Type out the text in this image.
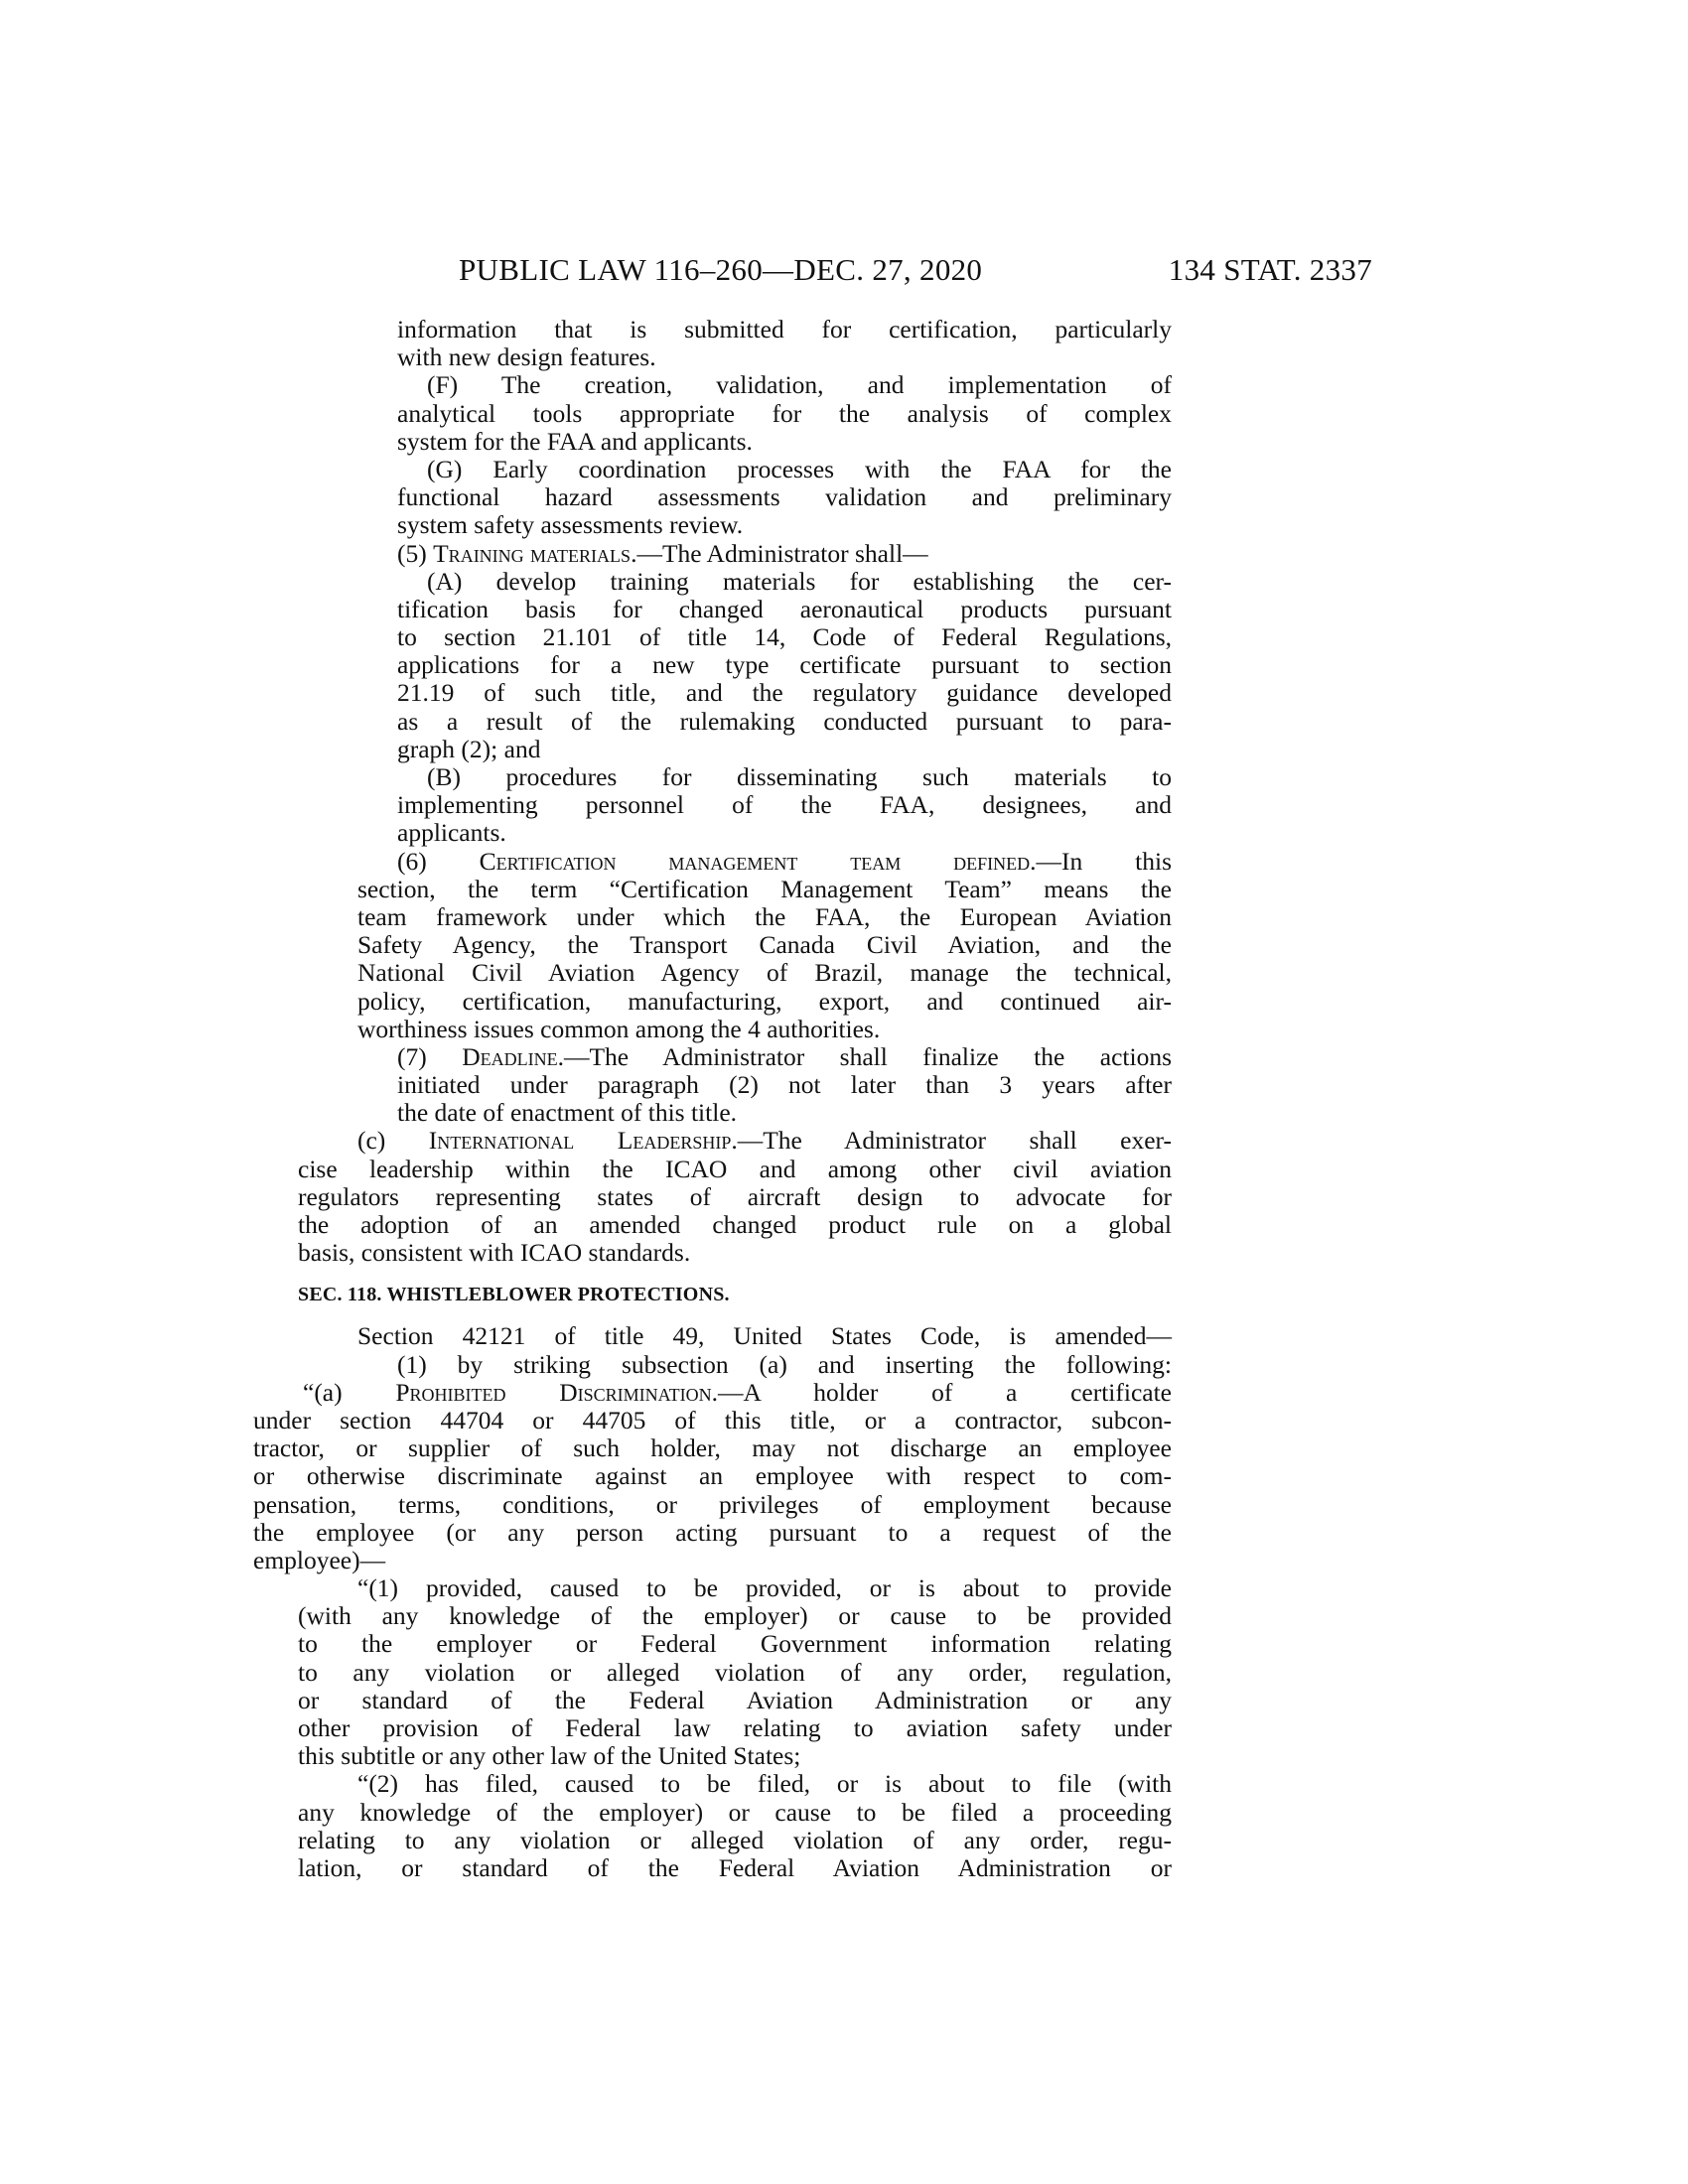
PUBLIC LAW 116–260—DEC. 27, 2020	134 STAT. 2337
information that is submitted for certification, particularly
with new design features.
(F) The creation, validation, and implementation of
analytical tools appropriate for the analysis of complex
system for the FAA and applicants.
(G) Early coordination processes with the FAA for the
functional hazard assessments validation and preliminary
system safety assessments review.
(5) Training materials.—The Administrator shall—
(A) develop training materials for establishing the cer-
tification basis for changed aeronautical products pursuant
to section 21.101 of title 14, Code of Federal Regulations,
applications for a new type certificate pursuant to section
21.19 of such title, and the regulatory guidance developed
as a result of the rulemaking conducted pursuant to para-
graph (2); and
(B) procedures for disseminating such materials to
implementing personnel of the FAA, designees, and
applicants.
(6) Certification management team defined.—In this
section, the term “Certification Management Team” means the
team framework under which the FAA, the European Aviation
Safety Agency, the Transport Canada Civil Aviation, and the
National Civil Aviation Agency of Brazil, manage the technical,
policy, certification, manufacturing, export, and continued air-
worthiness issues common among the 4 authorities.
(7) Deadline.—The Administrator shall finalize the actions
initiated under paragraph (2) not later than 3 years after
the date of enactment of this title.
(c) International Leadership.—The Administrator shall exer-
cise leadership within the ICAO and among other civil aviation
regulators representing states of aircraft design to advocate for
the adoption of an amended changed product rule on a global
basis, consistent with ICAO standards.
SEC. 118. WHISTLEBLOWER PROTECTIONS.
Section 42121 of title 49, United States Code, is amended—
(1) by striking subsection (a) and inserting the following:
“(a) Prohibited Discrimination.—A holder of a certificate
under section 44704 or 44705 of this title, or a contractor, subcon-
tractor, or supplier of such holder, may not discharge an employee
or otherwise discriminate against an employee with respect to com-
pensation, terms, conditions, or privileges of employment because
the employee (or any person acting pursuant to a request of the
employee)—
“(1) provided, caused to be provided, or is about to provide
(with any knowledge of the employer) or cause to be provided
to the employer or Federal Government information relating
to any violation or alleged violation of any order, regulation,
or standard of the Federal Aviation Administration or any
other provision of Federal law relating to aviation safety under
this subtitle or any other law of the United States;
“(2) has filed, caused to be filed, or is about to file (with
any knowledge of the employer) or cause to be filed a proceeding
relating to any violation or alleged violation of any order, regu-
lation, or standard of the Federal Aviation Administration or
